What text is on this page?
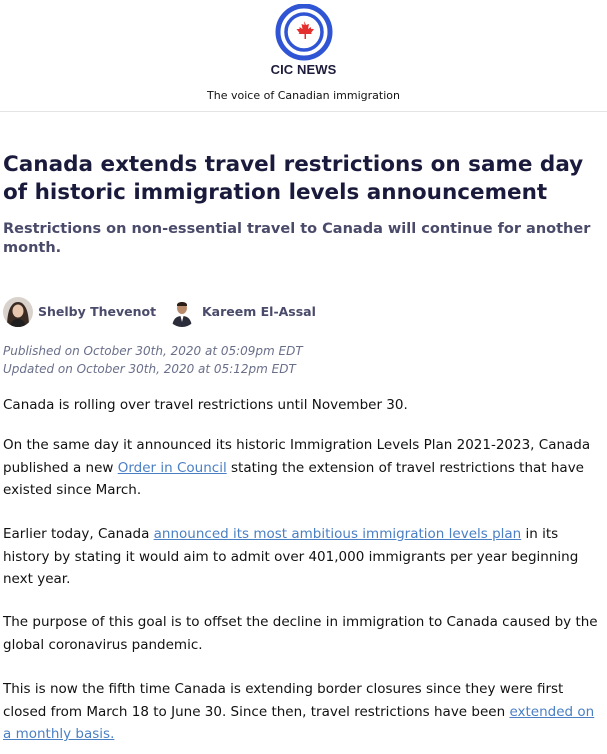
CIC NEWS
The voice of Canadian immigration
Canada extends travel restrictions on same day of historic immigration levels announcement
Restrictions on non-essential travel to Canada will continue for another month.
Shelby Thevenot	Kareem El-Assal
Published on October 30th, 2020 at 05:09pm EDT
Updated on October 30th, 2020 at 05:12pm EDT

Canada is rolling over travel restrictions until November 30.

On the same day it announced its historic Immigration Levels Plan 2021-2023, Canada published a new Order in Council stating the extension of travel restrictions that have existed since March.

Earlier today, Canada announced its most ambitious immigration levels plan in its history by stating it would aim to admit over 401,000 immigrants per year beginning next year.

The purpose of this goal is to offset the decline in immigration to Canada caused by the global coronavirus pandemic.

This is now the fifth time Canada is extending border closures since they were first closed from March 18 to June 30. Since then, travel restrictions have been extended on a monthly basis.
